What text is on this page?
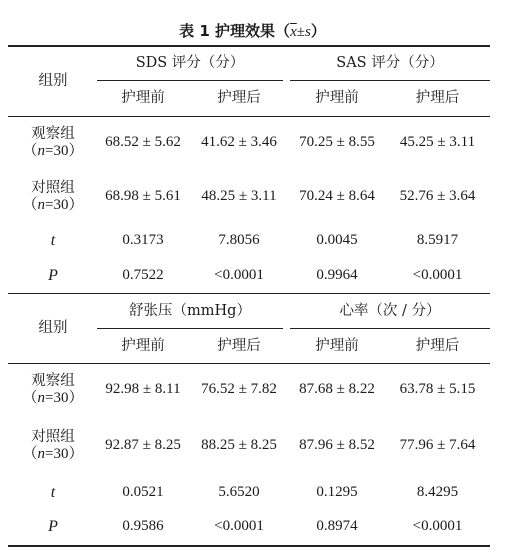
表 1 护理效果$(\overline{x}\pm s)$
组别
SDS 评分（分）	SAS 评分（分）
护理前	护理后	护理前	护理后
观察组
（n=30）
68.52 ± 5.62	41.62 ± 3.46	70.25 ± 8.55	45.25 ± 3.11
对照组
（n=30）
68.98 ± 5.61	48.25 ± 3.11	70.24 ± 8.64	52.76 ± 3.64
t	0.3173	7.8056	0.0045	8.5917
P	0.7522	<0.0001	0.9964	<0.0001
组别
舒张压（mmHg）	心率（次 / 分）
护理前	护理后	护理前	护理后
观察组
（n=30）
92.98 ± 8.11	76.52 ± 7.82	87.68 ± 8.22	63.78 ± 5.15
对照组
（n=30）
92.87 ± 8.25	88.25 ± 8.25	87.96 ± 8.52	77.96 ± 7.64
t	0.0521	5.6520	0.1295	8.4295
P	0.9586	<0.0001	0.8974	<0.0001
